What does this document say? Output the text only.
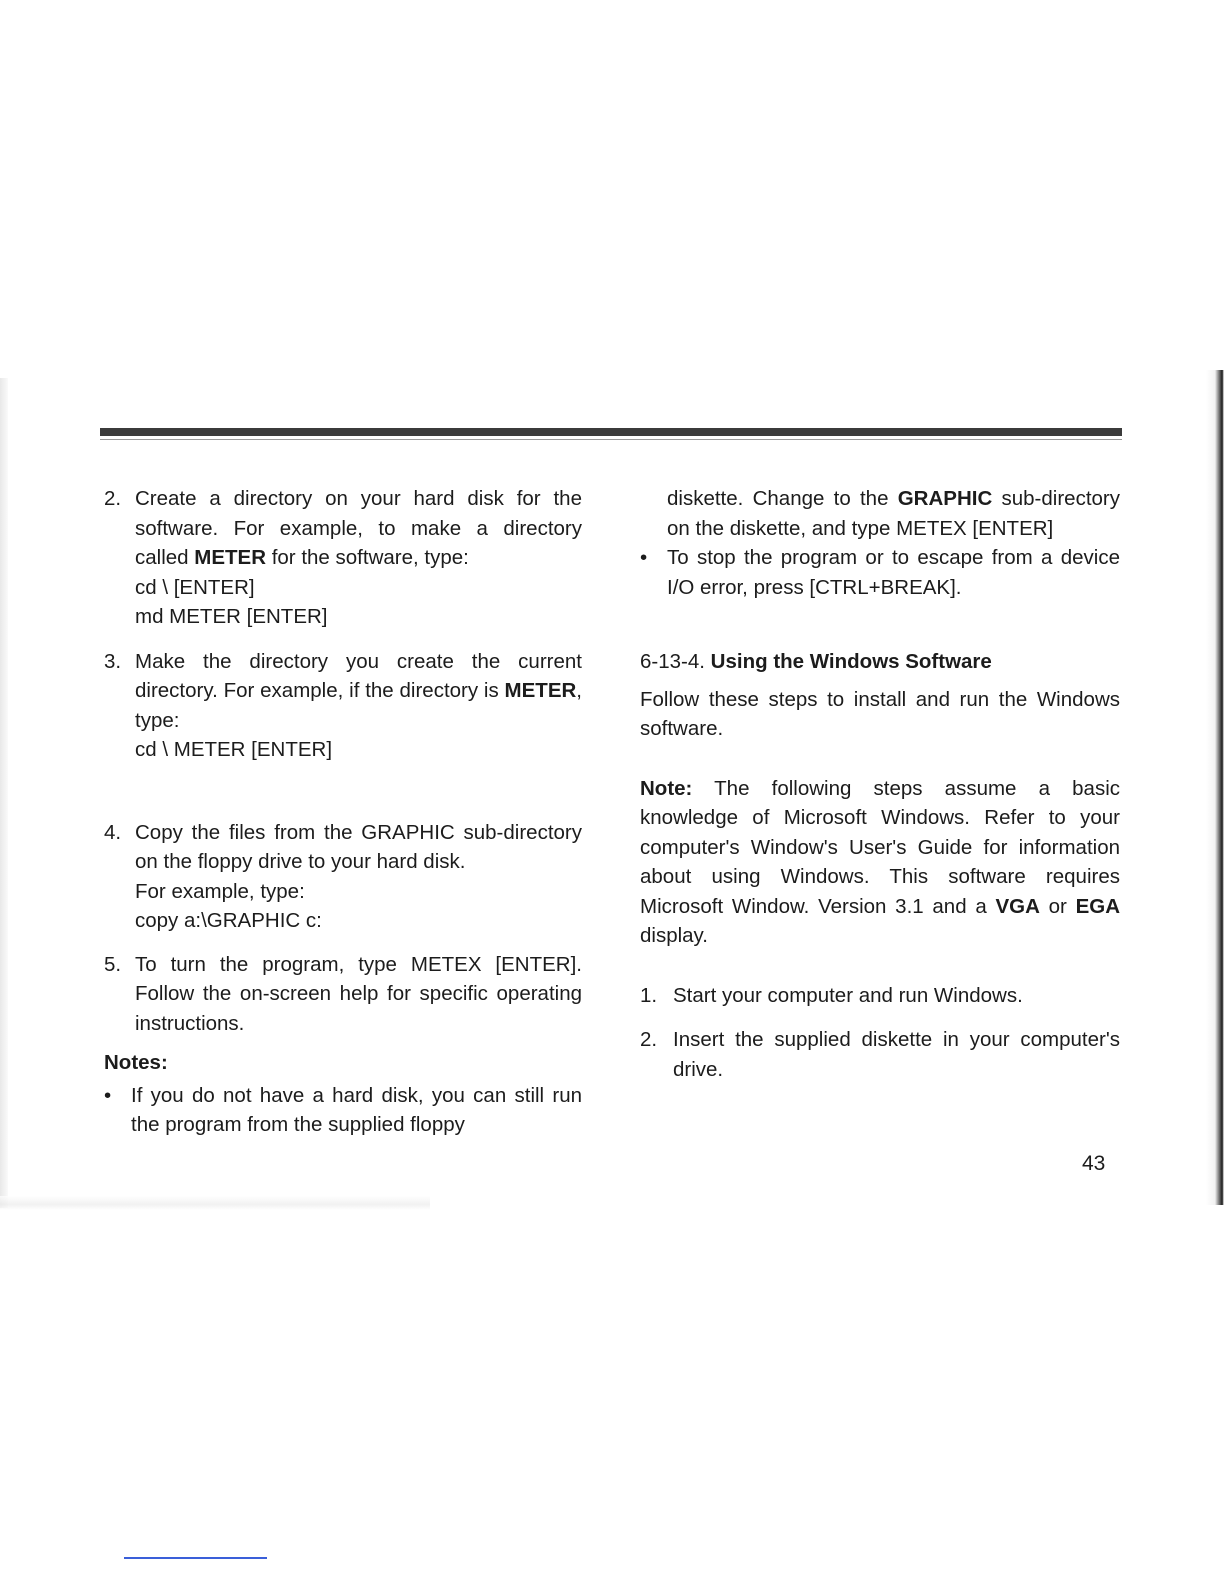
2. Create a directory on your hard disk for the software. For example, to make a directory called METER for the software, type:
cd \ [ENTER]
md METER [ENTER]
3. Make the directory you create the current directory. For example, if the directory is METER, type:
cd \ METER [ENTER]
4. Copy the files from the GRAPHIC sub-directory on the floppy drive to your hard disk.
For example, type:
copy a:\GRAPHIC c:
5. To turn the program, type METEX [ENTER]. Follow the on-screen help for specific operating instructions.
Notes:
• If you do not have a hard disk, you can still run the program from the supplied floppy
diskette. Change to the GRAPHIC sub-directory on the diskette, and type METEX [ENTER]
• To stop the program or to escape from a device I/O error, press [CTRL+BREAK].
6-13-4. Using the Windows Software
Follow these steps to install and run the Windows software.
Note: The following steps assume a basic knowledge of Microsoft Windows. Refer to your computer's Window's User's Guide for information about using Windows. This software requires Microsoft Window. Version 3.1 and a VGA or EGA display.
1. Start your computer and run Windows.
2. Insert the supplied diskette in your computer's drive.
43
